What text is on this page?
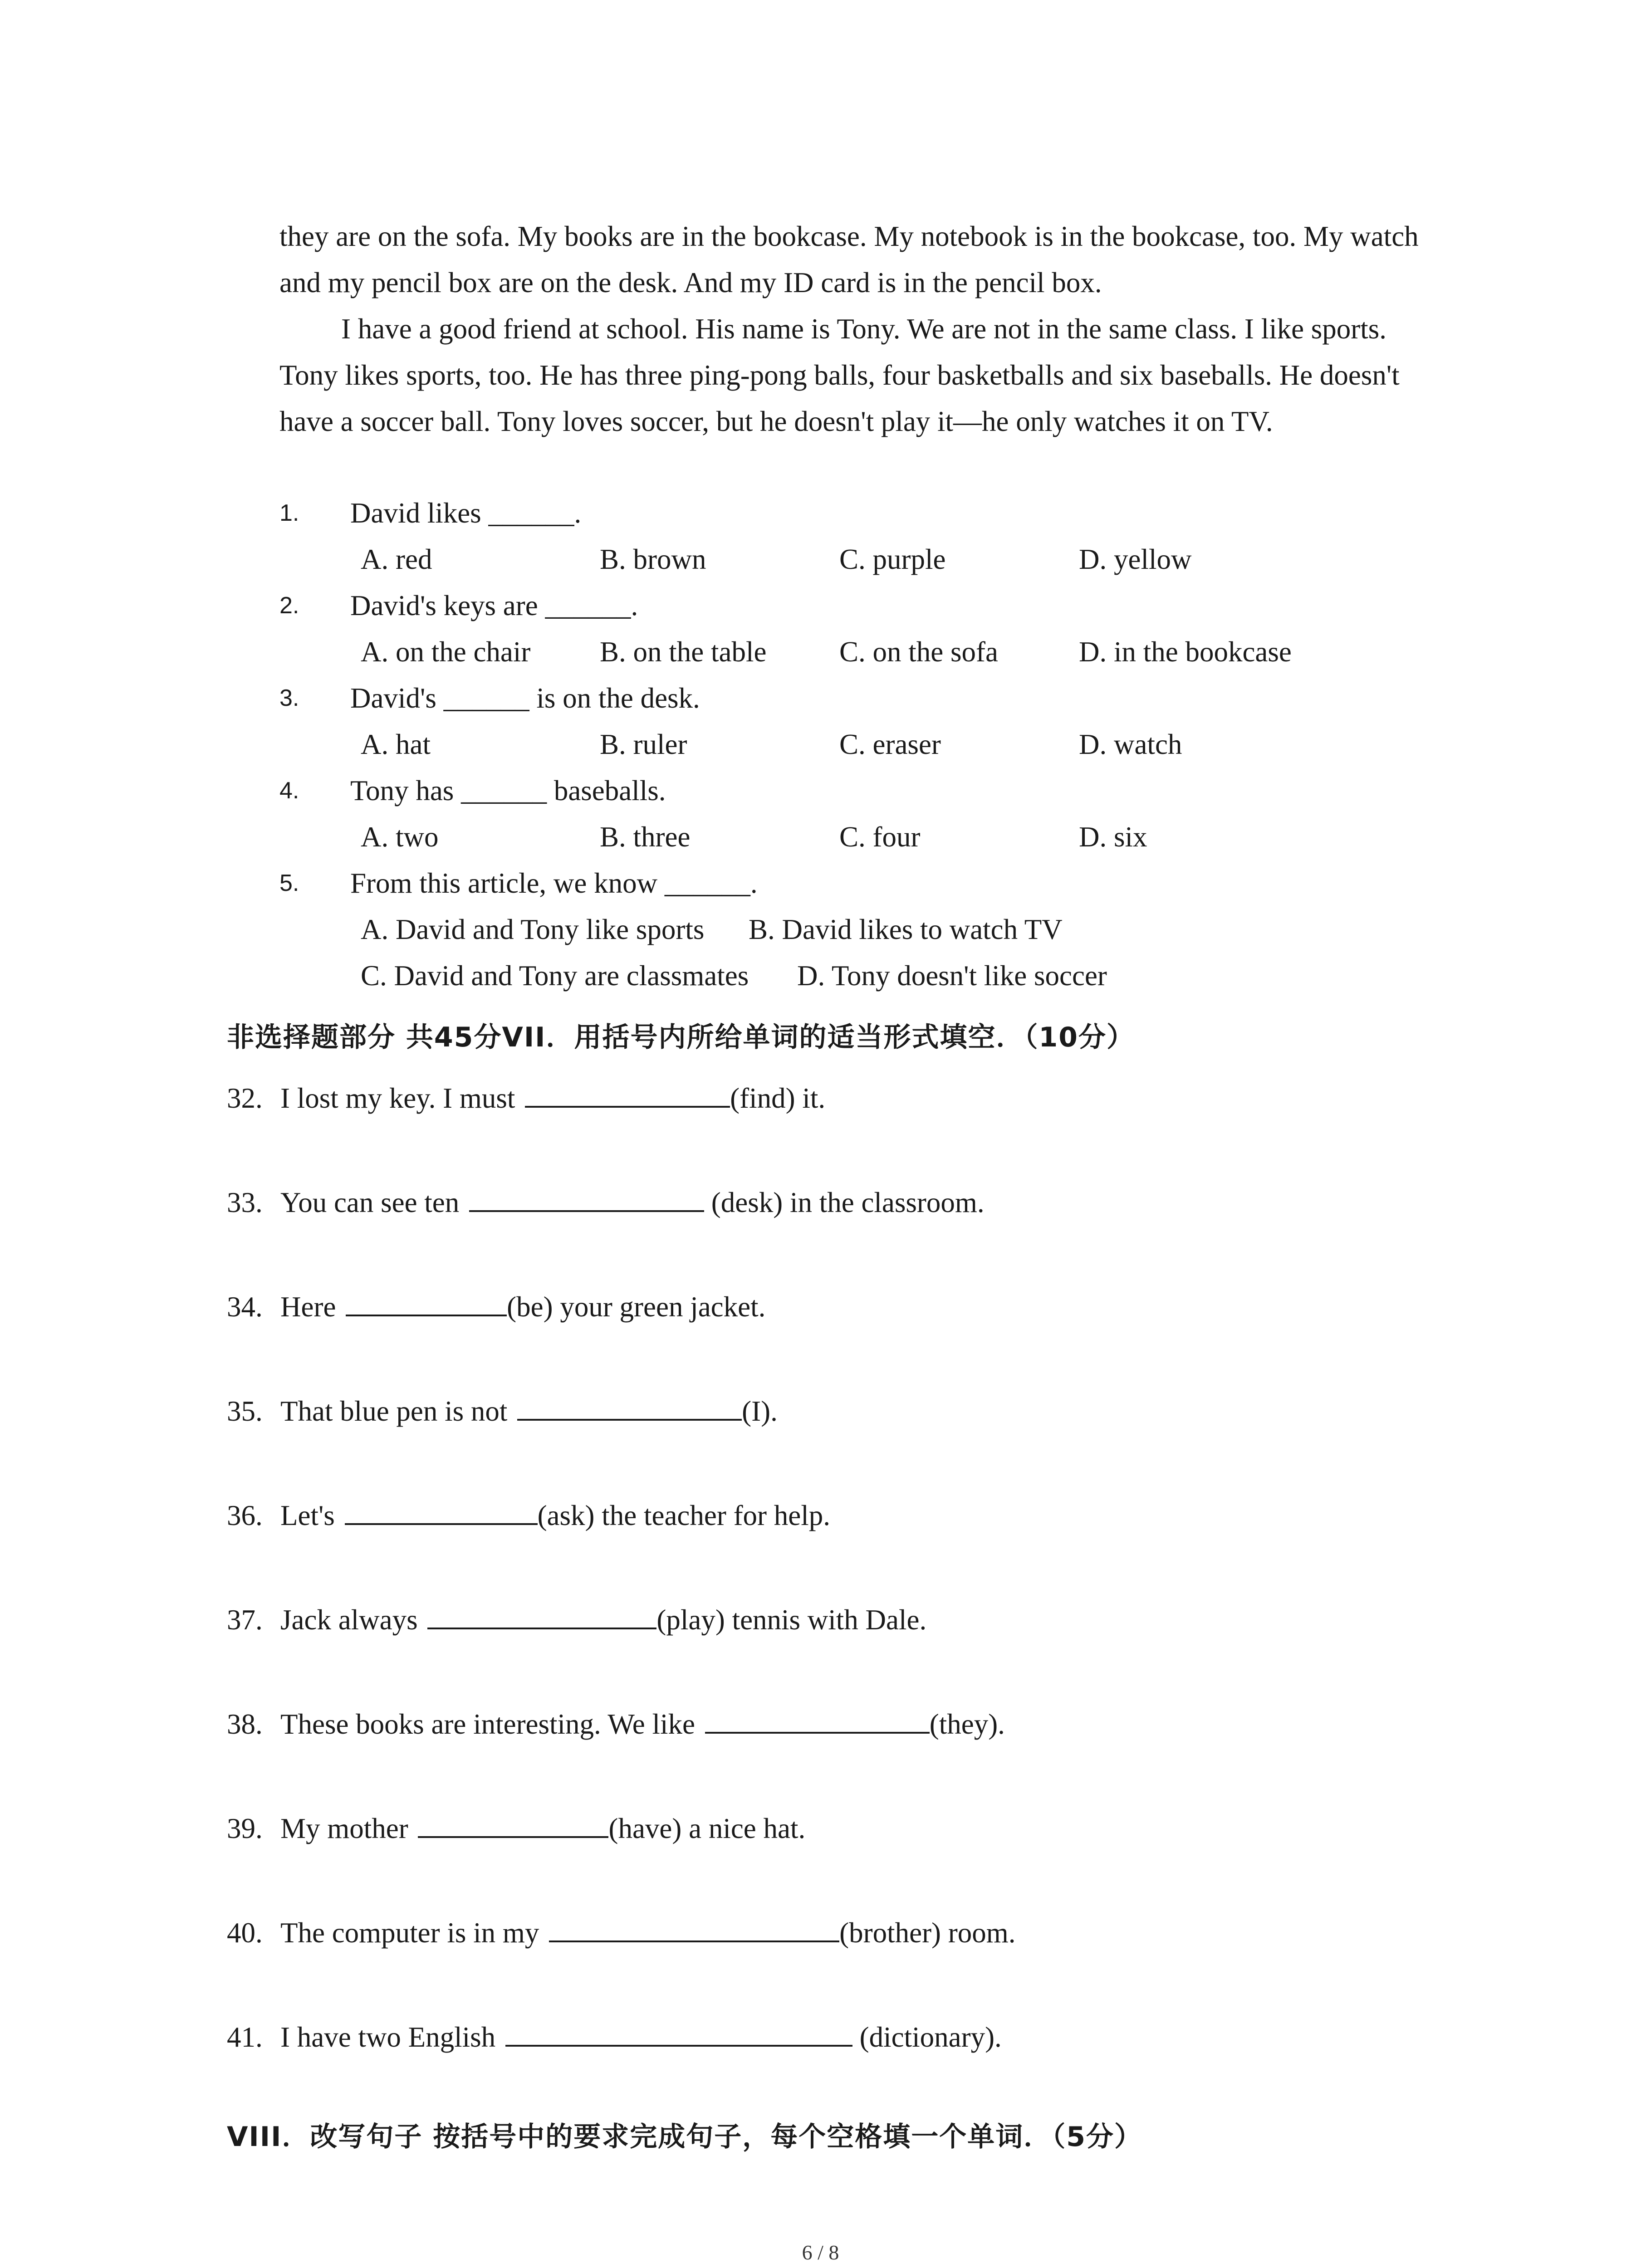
they are on the sofa. My books are in the bookcase. My notebook is in the bookcase, too. My watch and my pencil box are on the desk. And my ID card is in the pencil box.

I have a good friend at school. His name is Tony. We are not in the same class. I like sports. Tony likes sports, too. He has three ping-pong balls, four basketballs and six baseballs. He doesn't have a soccer ball. Tony loves soccer, but he doesn't play it—he only watches it on TV.

1. David likes ______.
A. red	B. brown	C. purple	D. yellow
2. David's keys are ______.
A. on the chair B. on the table	C. on the sofa	D. in the bookcase
3. David's ______ is on the desk.
A. hat	B. ruler	C. eraser	D. watch
4. Tony has ______ baseballs.
A. two	B. three	C. four	D. six
5. From this article, we know ______.
A. David and Tony like sports B. David likes to watch TV
C. David and Tony are classmates D. Tony doesn't like soccer
非选择题部分 共45分VII．用括号内所给单词的适当形式填空．（10分）
32. I lost my key. I must	(find) it.
33. You can see ten	(desk) in the classroom.
34. Here	(be) your green jacket.
35. That blue pen is not	(I).
36. Let's	(ask) the teacher for help.
37. Jack always	(play) tennis with Dale.
38. These books are interesting. We like	(they).
39. My mother	(have) a nice hat.
40. The computer is in my	(brother) room.
41. I have two English	(dictionary).
VIII．改写句子 按括号中的要求完成句子，每个空格填一个单词．（5分）
6 / 8
